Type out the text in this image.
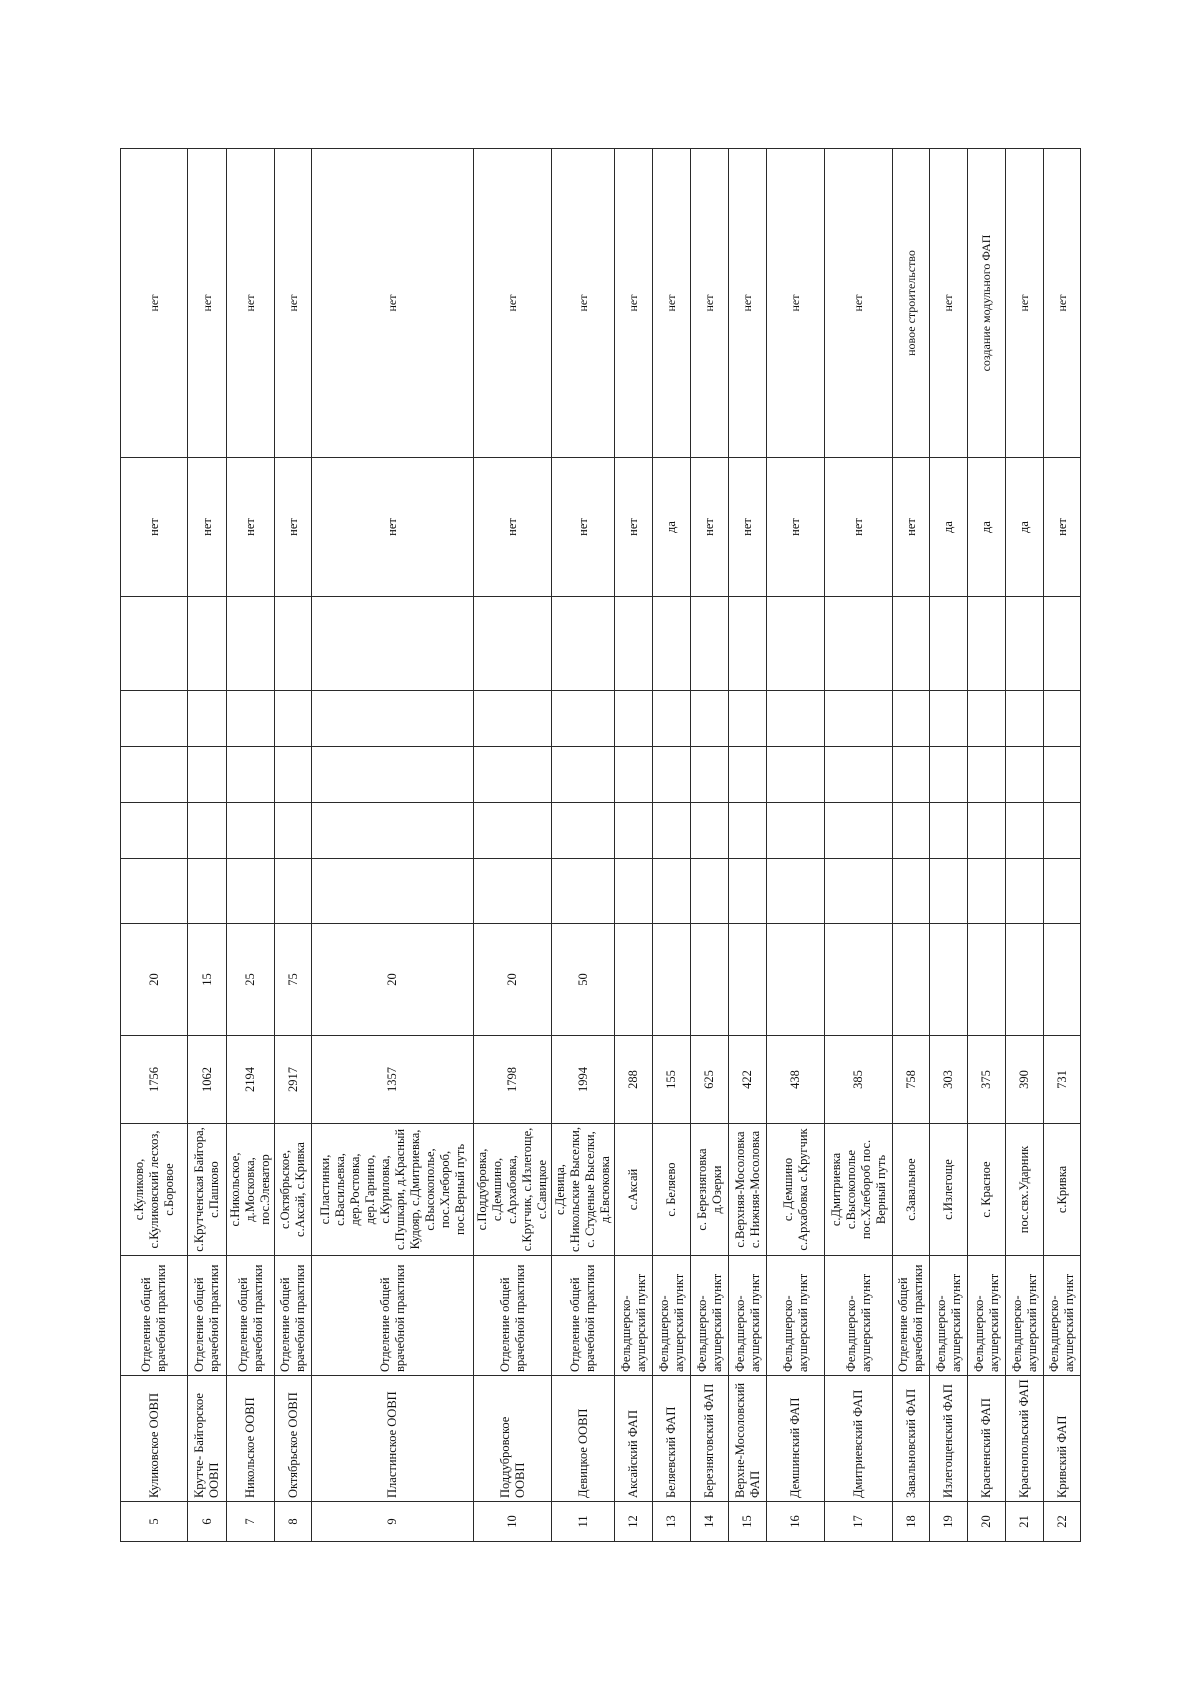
5	Куликовское ООВП	Отделение общей врачебной практики	с.Куликово, с.Куликовский лесхоз, с.Боровое	1756	20						нет	нет
6	Крутче- Байгорское ООВП	Отделение общей врачебной практики	с.Крутченская Байгора, с.Пашково	1062	15						нет	нет
7	Никольское ООВП	Отделение общей врачебной практики	с.Никольское, д.Московка, пос.Элеватор	2194	25						нет	нет
8	Октябрьское ООВП	Отделение общей врачебной практики	с.Октябрьское, с.Аксай, с.Кривка	2917	75						нет	нет
9	Пластинское ООВП	Отделение общей врачебной практики	с.Пластинки, с.Васильевка, дер.Ростовка, дер.Гарнино, с.Куриловка, с.Пушкари, д.Красный Кудояр, с.Дмитриевка, с.Высокополье, пос.Хлебороб, пос.Верный путь	1357	20						нет	нет
10	Поддубровское ООВП	Отделение общей врачебной практики	с.Поддубровка, с.Демшино, с.Архабовка, с.Кругчик, с.Излегоще, с.Савицкое	1798	20						нет	нет
11	Девицкое ООВП	Отделение общей врачебной практики	с.Девица, с.Никольские Выселки, с. Студеные Выселки, д.Евсюковка	1994	50						нет	нет
12	Аксайский ФАП	Фельдшерско-акушерский пункт	с.Аксай	288							нет	нет
13	Беляевский ФАП	Фельдшерско-акушерский пункт	с. Беляево	155							да	нет
14	Березняговский ФАП	Фельдшерско-акушерский пункт	с. Березняговка д.Озерки	625							нет	нет
15	Верхне-Мосоловский ФАП	Фельдшерско-акушерский пункт	с.Верхняя-Мосоловка с. Нижняя-Мосоловка	422							нет	нет
16	Демшинский ФАП	Фельдшерско-акушерский пункт	с. Демшино с.Архабовка с.Кругчик	438							нет	нет
17	Дмитриевский ФАП	Фельдшерско-акушерский пункт	с.Дмитриевка с.Высокополье пос.Хлебороб пос. Верный путь	385							нет	нет
18	Завальновский ФАП	Отделение общей врачебной практики	с.Завальное	758							нет	новое строительство
19	Излегощенский ФАП	Фельдшерско-акушерский пункт	с.Излегоще	303							да	нет
20	Красненский ФАП	Фельдшерско-акушерский пункт	с. Красное	375							да	создание модульного ФАП
21	Краснопольский ФАП	Фельдшерско-акушерский пункт	пос.свх.Ударник	390							да	нет
22	Кривский ФАП	Фельдшерско-акушерский пункт	с.Кривка	731							нет	нет
